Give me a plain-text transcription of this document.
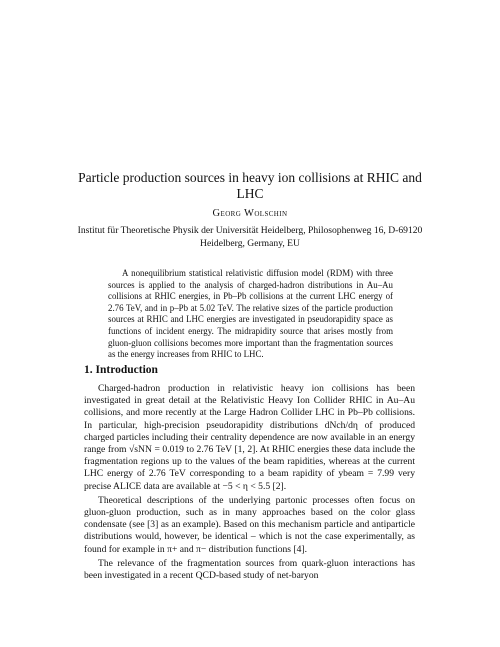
Particle production sources in heavy ion collisions at RHIC and LHC
Georg Wolschin
Institut für Theoretische Physik der Universität Heidelberg, Philosophenweg 16, D-69120 Heidelberg, Germany, EU

A nonequilibrium statistical relativistic diffusion model (RDM) with three sources is applied to the analysis of charged-hadron distributions in Au–Au collisions at RHIC energies, in Pb–Pb collisions at the current LHC energy of 2.76 TeV, and in p–Pb at 5.02 TeV. The relative sizes of the particle production sources at RHIC and LHC energies are investigated in pseudorapidity space as functions of incident energy. The midrapidity source that arises mostly from gluon-gluon collisions becomes more important than the fragmentation sources as the energy increases from RHIC to LHC.

1. Introduction

Charged-hadron production in relativistic heavy ion collisions has been investigated in great detail at the Relativistic Heavy Ion Collider RHIC in Au–Au collisions, and more recently at the Large Hadron Collider LHC in Pb–Pb collisions. In particular, high-precision pseudorapidity distributions dNch/dη of produced charged particles including their centrality dependence are now available in an energy range from √sNN = 0.019 to 2.76 TeV [1, 2]. At RHIC energies these data include the fragmentation regions up to the values of the beam rapidities, whereas at the current LHC energy of 2.76 TeV corresponding to a beam rapidity of ybeam = 7.99 very precise ALICE data are available at −5 < η < 5.5 [2].

Theoretical descriptions of the underlying partonic processes often focus on gluon-gluon production, such as in many approaches based on the color glass condensate (see [3] as an example). Based on this mechanism particle and antiparticle distributions would, however, be identical – which is not the case experimentally, as found for example in π+ and π− distribution functions [4].

The relevance of the fragmentation sources from quark-gluon interactions has been investigated in a recent QCD-based study of net-baryon
